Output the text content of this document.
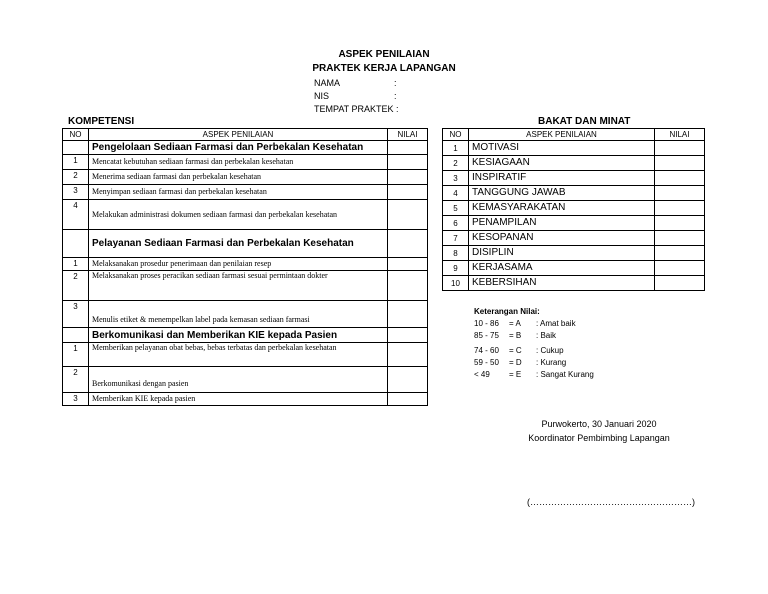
ASPEK PENILAIAN
PRAKTEK KERJA LAPANGAN
NAMA	:
NIS	:
TEMPAT PRAKTEK :
KOMPETENSI
NO	ASPEK PENILAIAN	NILAI
	Pengelolaan Sediaan Farmasi dan Perbekalan Kesehatan	
1	Mencatat kebutuhan sediaan farmasi dan perbekalan kesehatan	
2	Menerima sediaan farmasi dan perbekalan kesehatan	
3	Menyimpan sediaan farmasi dan perbekalan kesehatan	
4	Melakukan administrasi dokumen sediaan farmasi dan perbekalan kesehatan	
	Pelayanan Sediaan Farmasi dan Perbekalan Kesehatan	
1	Melaksanakan prosedur penerimaan dan penilaian resep	
2	Melaksanakan proses peracikan sediaan farmasi sesuai permintaan dokter	
3	Menulis etiket & menempelkan label pada kemasan sediaan farmasi	
	Berkomunikasi dan Memberikan KIE kepada Pasien	
1	Memberikan pelayanan obat bebas, bebas terbatas dan perbekalan kesehatan	
2	Berkomunikasi dengan pasien	
3	Memberikan KIE kepada pasien	
BAKAT DAN MINAT
NO	ASPEK PENILAIAN	NILAI
1	MOTIVASI	
2	KESIAGAAN	
3	INSPIRATIF	
4	TANGGUNG JAWAB	
5	KEMASYARAKATAN	
6	PENAMPILAN	
7	KESOPANAN	
8	DISIPLIN	
9	KERJASAMA	
10	KEBERSIHAN	
Keterangan Nilai:
10 - 86 = A : Amat baik
85 - 75 = B : Baik
74 - 60 = C : Cukup
59 - 50 = D : Kurang
< 49 = E : Sangat Kurang
Purwokerto, 30 Januari 2020
Koordinator Pembimbing Lapangan
(………………………………………………)
